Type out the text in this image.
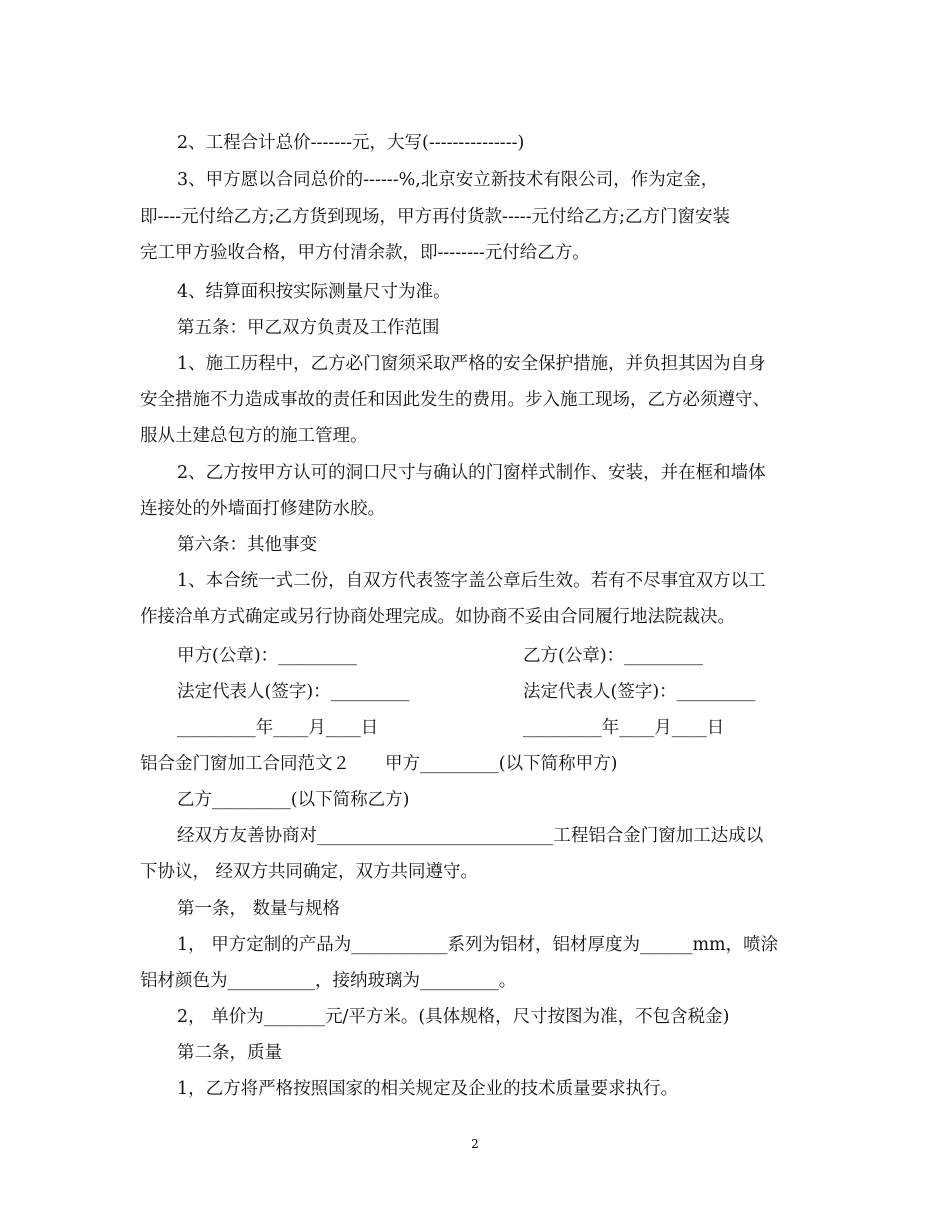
2、工程合计总价-------元，大写(---------------)
3、甲方愿以合同总价的------%,北京安立新技术有限公司，作为定金，
即----元付给乙方;乙方货到现场，甲方再付货款-----元付给乙方;乙方门窗安装
完工甲方验收合格，甲方付清余款，即--------元付给乙方。
4、结算面积按实际测量尺寸为准。
第五条：甲乙双方负责及工作范围
1、施工历程中，乙方必门窗须采取严格的安全保护措施，并负担其因为自身
安全措施不力造成事故的责任和因此发生的费用。步入施工现场，乙方必须遵守、
服从土建总包方的施工管理。
2、乙方按甲方认可的洞口尺寸与确认的门窗样式制作、安装，并在框和墙体
连接处的外墙面打修建防水胶。
第六条：其他事变
1、本合统一式二份，自双方代表签字盖公章后生效。若有不尽事宜双方以工
作接洽单方式确定或另行协商处理完成。如协商不妥由合同履行地法院裁决。
甲方(公章)：_________	乙方(公章)：_________
法定代表人(签字)：_________	法定代表人(签字)：_________
_________年____月____日	_________年____月____日
铝合金门窗加工合同范文２　　甲方_________(以下简称甲方)
乙方_________(以下简称乙方)
经双方友善协商对___________________________工程铝合金门窗加工达成以
下协议， 经双方共同确定，双方共同遵守。
第一条， 数量与规格
1， 甲方定制的产品为___________系列为铝材，铝材厚度为______mm，喷涂
铝材颜色为__________，接纳玻璃为_________。
2， 单价为_______元/平方米。(具体规格，尺寸按图为准，不包含税金)
第二条，质量
1，乙方将严格按照国家的相关规定及企业的技术质量要求执行。
2
